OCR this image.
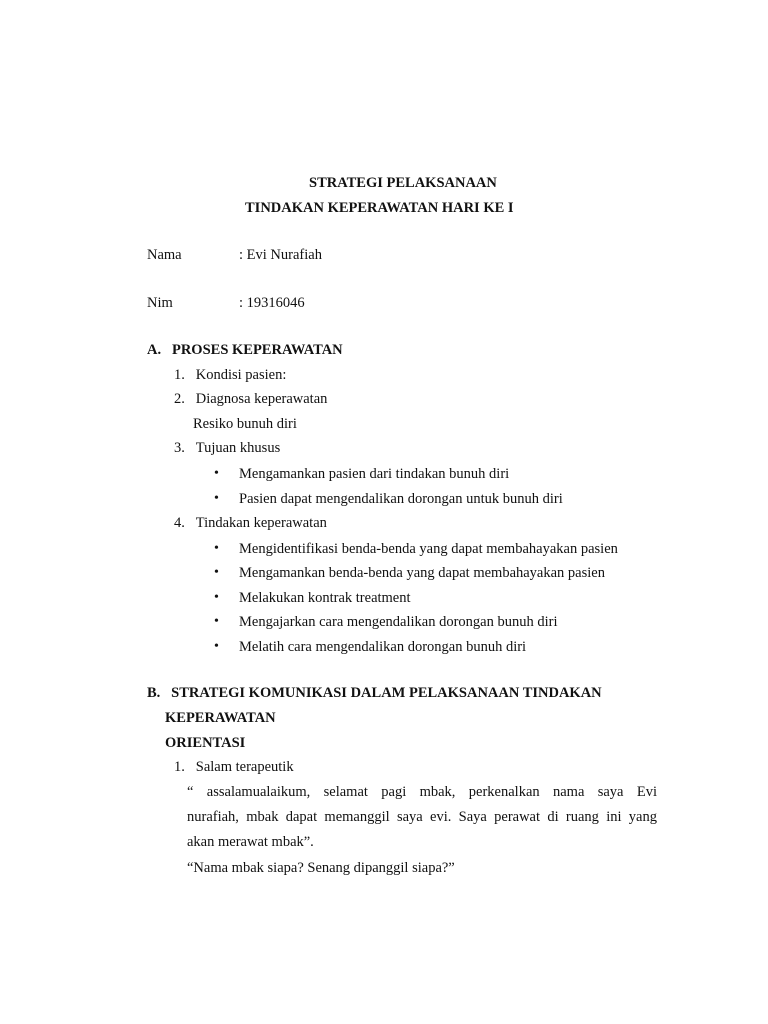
STRATEGI PELAKSANAAN
TINDAKAN KEPERAWATAN HARI KE I
Nama	: Evi Nurafiah
Nim	: 19316046
A.   PROSES KEPERAWATAN
1.   Kondisi pasien:
2.   Diagnosa keperawatan
Resiko bunuh diri
3.   Tujuan khusus
• Mengamankan pasien dari tindakan bunuh diri
• Pasien dapat mengendalikan dorongan untuk bunuh diri
4.   Tindakan keperawatan
• Mengidentifikasi benda-benda yang dapat membahayakan pasien
• Mengamankan benda-benda yang dapat membahayakan pasien
• Melakukan kontrak treatment
• Mengajarkan cara mengendalikan dorongan bunuh diri
• Melatih cara mengendalikan dorongan bunuh diri
B.   STRATEGI KOMUNIKASI DALAM PELAKSANAAN TINDAKAN
KEPERAWATAN
ORIENTASI
1.   Salam terapeutik
“ assalamualaikum, selamat pagi mbak, perkenalkan nama saya Evi
nurafiah, mbak dapat memanggil saya evi. Saya perawat di ruang ini yang
akan merawat mbak”.
“Nama mbak siapa? Senang dipanggil siapa?”
